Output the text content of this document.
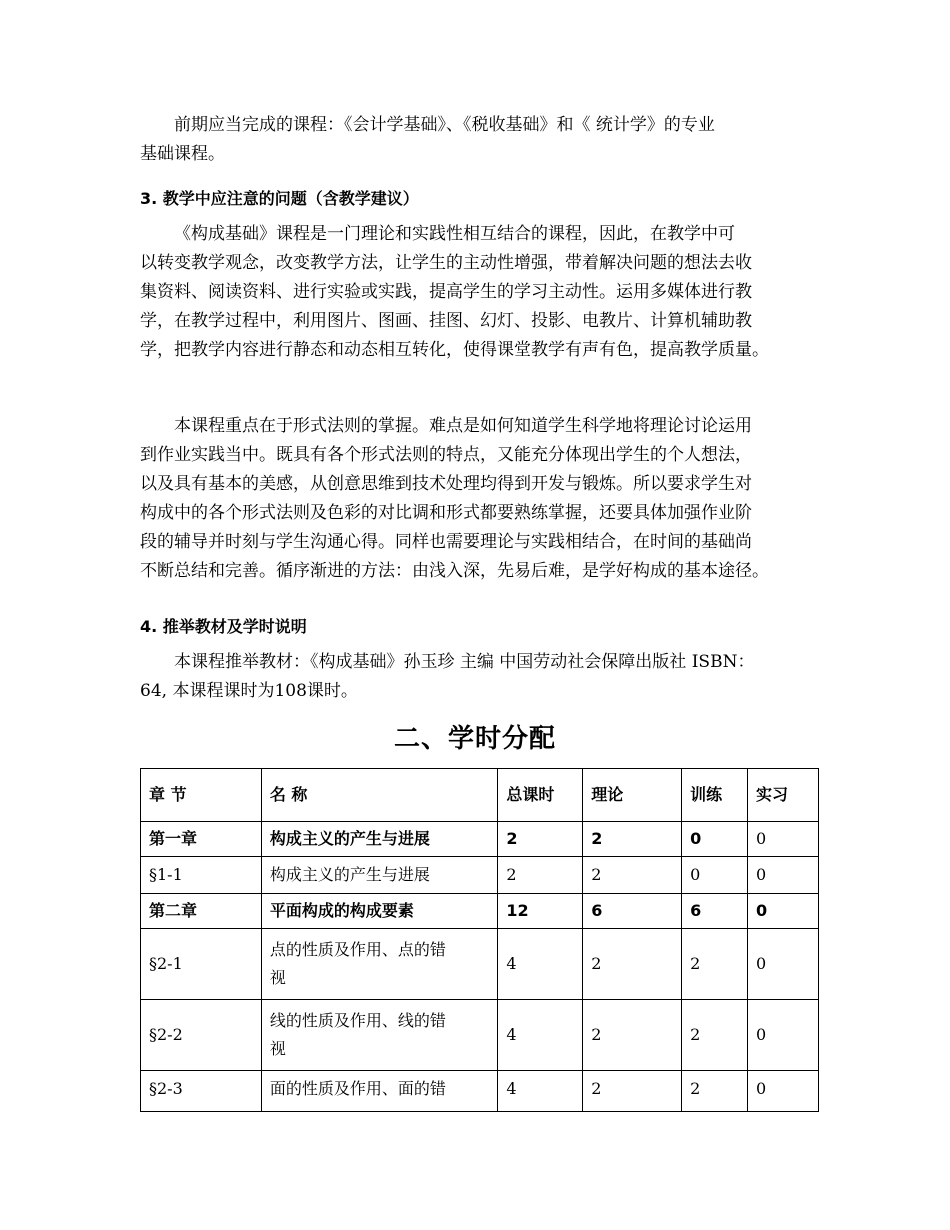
前期应当完成的课程：《会计学基础》、《税收基础》和《 统计学》的专业
基础课程。
3. 教学中应注意的问题（含教学建议）
《构成基础》课程是一门理论和实践性相互结合的课程，因此，在教学中可
以转变教学观念，改变教学方法，让学生的主动性增强，带着解决问题的想法去收
集资料、阅读资料、进行实验或实践，提高学生的学习主动性。运用多媒体进行教
学，在教学过程中，利用图片、图画、挂图、幻灯、投影、电教片、计算机辅助教
学，把教学内容进行静态和动态相互转化，使得课堂教学有声有色，提高教学质量。
本课程重点在于形式法则的掌握。难点是如何知道学生科学地将理论讨论运用
到作业实践当中。既具有各个形式法则的特点，又能充分体现出学生的个人想法，
以及具有基本的美感，从创意思维到技术处理均得到开发与锻炼。所以要求学生对
构成中的各个形式法则及色彩的对比调和形式都要熟练掌握，还要具体加强作业阶
段的辅导并时刻与学生沟通心得。同样也需要理论与实践相结合，在时间的基础尚
不断总结和完善。循序渐进的方法：由浅入深，先易后难，是学好构成的基本途径。
4. 推举教材及学时说明
本课程推举教材：《构成基础》孙玉珍 主编 中国劳动社会保障出版社 ISBN：
64, 本课程课时为108课时。
二、学时分配
章 节	名 称	总课时	理论	训练	实习
第一章	构成主义的产生与进展	2	2	0	0
§1-1	构成主义的产生与进展	2	2	0	0
第二章	平面构成的构成要素	12	6	6	0
§2-1	点的性质及作用、点的错
视	4	2	2	0
§2-2	线的性质及作用、线的错
视	4	2	2	0
§2-3	面的性质及作用、面的错	4	2	2	0
